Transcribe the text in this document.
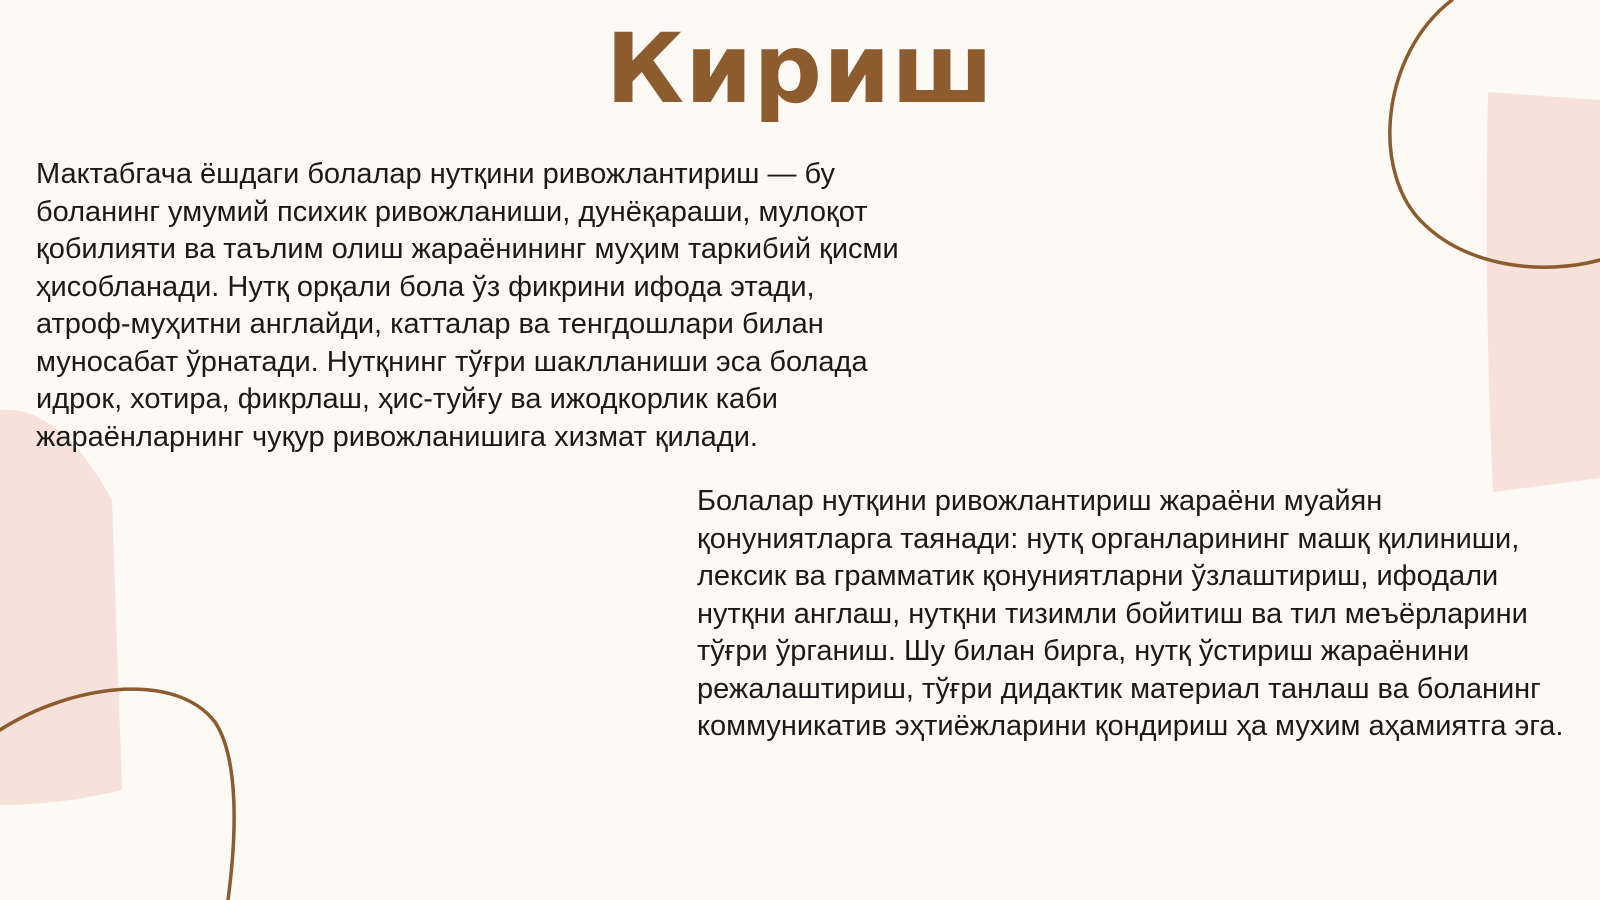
Кириш

Мактабгача ёшдаги болалар нутқини ривожлантириш — бу боланинг умумий психик ривожланиши, дунёқараши, мулоқот қобилияти ва таълим олиш жараёнининг муҳим таркибий қисми ҳисобланади. Нутқ орқали бола ўз фикрини ифода этади, атроф-муҳитни англайди, катталар ва тенгдошлари билан муносабат ўрнатади. Нутқнинг тўғри шаклланиши эса болада идрок, хотира, фикрлаш, ҳис-туйғу ва ижодкорлик каби жараёнларнинг чуқур ривожланишига хизмат қилади.

Болалар нутқини ривожлантириш жараёни муайян қонуниятларга таянади: нутқ органларининг машқ қилиниши, лексик ва грамматик қонуниятларни ўзлаштириш, ифодали нутқни англаш, нутқни тизимли бойитиш ва тил меъёрларини тўғри ўрганиш. Шу билан бирга, нутқ ўстириш жараёнини режалаштириш, тўғри дидактик материал танлаш ва боланинг коммуникатив эҳтиёжларини қондириш ҳа мухим аҳамиятга эга.
